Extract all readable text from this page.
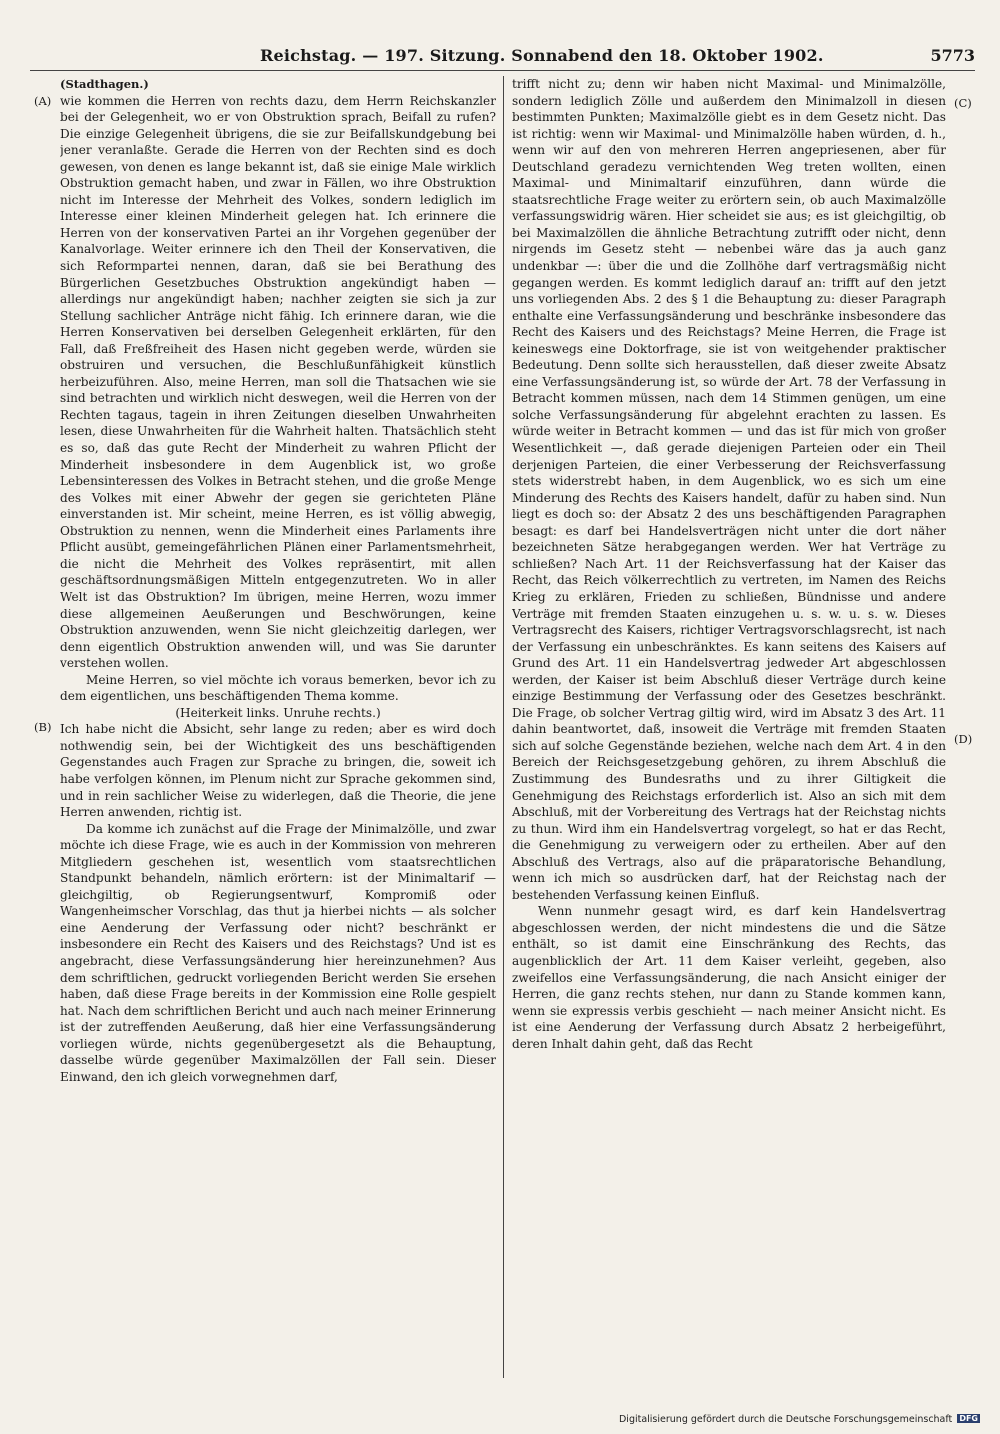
Reichstag. — 197. Sitzung. Sonnabend den 18. Oktober 1902.	5773
(A)
(B)
(C)
(D)

(Stadthagen.)

wie kommen die Herren von rechts dazu, dem Herrn Reichskanzler bei der Gelegenheit, wo er von Obstruktion sprach, Beifall zu rufen? Die einzige Gelegenheit übrigens, die sie zur Beifallskundgebung bei jener veranlaßte. Gerade die Herren von der Rechten sind es doch gewesen, von denen es lange bekannt ist, daß sie einige Male wirklich Obstruktion gemacht haben, und zwar in Fällen, wo ihre Obstruktion nicht im Interesse der Mehrheit des Volkes, sondern lediglich im Interesse einer kleinen Minderheit gelegen hat. Ich erinnere die Herren von der konservativen Partei an ihr Vorgehen gegenüber der Kanalvorlage. Weiter erinnere ich den Theil der Konservativen, die sich Reformpartei nennen, daran, daß sie bei Berathung des Bürgerlichen Gesetzbuches Obstruktion angekündigt haben — allerdings nur angekündigt haben; nachher zeigten sie sich ja zur Stellung sachlicher Anträge nicht fähig. Ich erinnere daran, wie die Herren Konservativen bei derselben Gelegenheit erklärten, für den Fall, daß Freßfreiheit des Hasen nicht gegeben werde, würden sie obstruiren und versuchen, die Beschlußunfähigkeit künstlich herbeizuführen. Also, meine Herren, man soll die Thatsachen wie sie sind betrachten und wirklich nicht deswegen, weil die Herren von der Rechten tagaus, tagein in ihren Zeitungen dieselben Unwahrheiten lesen, diese Unwahrheiten für die Wahrheit halten. Thatsächlich steht es so, daß das gute Recht der Minderheit zu wahren Pflicht der Minderheit insbesondere in dem Augenblick ist, wo große Lebensinteressen des Volkes in Betracht stehen, und die große Menge des Volkes mit einer Abwehr der gegen sie gerichteten Pläne einverstanden ist. Mir scheint, meine Herren, es ist völlig abwegig, Obstruktion zu nennen, wenn die Minderheit eines Parlaments ihre Pflicht ausübt, gemeingefährlichen Plänen einer Parlamentsmehrheit, die nicht die Mehrheit des Volkes repräsentirt, mit allen geschäftsordnungsmäßigen Mitteln entgegenzutreten. Wo in aller Welt ist das Obstruktion? Im übrigen, meine Herren, wozu immer diese allgemeinen Aeußerungen und Beschwörungen, keine Obstruktion anzuwenden, wenn Sie nicht gleichzeitig darlegen, wer denn eigentlich Obstruktion anwenden will, und was Sie darunter verstehen wollen.

Meine Herren, so viel möchte ich voraus bemerken, bevor ich zu dem eigentlichen, uns beschäftigenden Thema komme.

(Heiterkeit links. Unruhe rechts.)

Ich habe nicht die Absicht, sehr lange zu reden; aber es wird doch nothwendig sein, bei der Wichtigkeit des uns beschäftigenden Gegenstandes auch Fragen zur Sprache zu bringen, die, soweit ich habe verfolgen können, im Plenum nicht zur Sprache gekommen sind, und in rein sachlicher Weise zu widerlegen, daß die Theorie, die jene Herren anwenden, richtig ist.

Da komme ich zunächst auf die Frage der Minimalzölle, und zwar möchte ich diese Frage, wie es auch in der Kommission von mehreren Mitgliedern geschehen ist, wesentlich vom staatsrechtlichen Standpunkt behandeln, nämlich erörtern: ist der Minimaltarif — gleichgiltig, ob Regierungsentwurf, Kompromiß oder Wangenheimscher Vorschlag, das thut ja hierbei nichts — als solcher eine Aenderung der Verfassung oder nicht? beschränkt er insbesondere ein Recht des Kaisers und des Reichstags? Und ist es angebracht, diese Verfassungsänderung hier hereinzunehmen? Aus dem schriftlichen, gedruckt vorliegenden Bericht werden Sie ersehen haben, daß diese Frage bereits in der Kommission eine Rolle gespielt hat. Nach dem schriftlichen Bericht und auch nach meiner Erinnerung ist der zutreffenden Aeußerung, daß hier eine Verfassungsänderung vorliegen würde, nichts gegenübergesetzt als die Behauptung, dasselbe würde gegenüber Maximalzöllen der Fall sein. Dieser Einwand, den ich gleich vorwegnehmen darf,

trifft nicht zu; denn wir haben nicht Maximal- und Minimalzölle, sondern lediglich Zölle und außerdem den Minimalzoll in diesen bestimmten Punkten; Maximalzölle giebt es in dem Gesetz nicht. Das ist richtig: wenn wir Maximal- und Minimalzölle haben würden, d. h., wenn wir auf den von mehreren Herren angepriesenen, aber für Deutschland geradezu vernichtenden Weg treten wollten, einen Maximal- und Minimaltarif einzuführen, dann würde die staatsrechtliche Frage weiter zu erörtern sein, ob auch Maximalzölle verfassungswidrig wären. Hier scheidet sie aus; es ist gleichgiltig, ob bei Maximalzöllen die ähnliche Betrachtung zutrifft oder nicht, denn nirgends im Gesetz steht — nebenbei wäre das ja auch ganz undenkbar —: über die und die Zollhöhe darf vertragsmäßig nicht gegangen werden. Es kommt lediglich darauf an: trifft auf den jetzt uns vorliegenden Abs. 2 des § 1 die Behauptung zu: dieser Paragraph enthalte eine Verfassungsänderung und beschränke insbesondere das Recht des Kaisers und des Reichstags? Meine Herren, die Frage ist keineswegs eine Doktorfrage, sie ist von weitgehender praktischer Bedeutung. Denn sollte sich herausstellen, daß dieser zweite Absatz eine Verfassungsänderung ist, so würde der Art. 78 der Verfassung in Betracht kommen müssen, nach dem 14 Stimmen genügen, um eine solche Verfassungsänderung für abgelehnt erachten zu lassen. Es würde weiter in Betracht kommen — und das ist für mich von großer Wesentlichkeit —, daß gerade diejenigen Parteien oder ein Theil derjenigen Parteien, die einer Verbesserung der Reichsverfassung stets widerstrebt haben, in dem Augenblick, wo es sich um eine Minderung des Rechts des Kaisers handelt, dafür zu haben sind. Nun liegt es doch so: der Absatz 2 des uns beschäftigenden Paragraphen besagt: es darf bei Handelsverträgen nicht unter die dort näher bezeichneten Sätze herabgegangen werden. Wer hat Verträge zu schließen? Nach Art. 11 der Reichsverfassung hat der Kaiser das Recht, das Reich völkerrechtlich zu vertreten, im Namen des Reichs Krieg zu erklären, Frieden zu schließen, Bündnisse und andere Verträge mit fremden Staaten einzugehen u. s. w. u. s. w. Dieses Vertragsrecht des Kaisers, richtiger Vertragsvorschlagsrecht, ist nach der Verfassung ein unbeschränktes. Es kann seitens des Kaisers auf Grund des Art. 11 ein Handelsvertrag jedweder Art abgeschlossen werden, der Kaiser ist beim Abschluß dieser Verträge durch keine einzige Bestimmung der Verfassung oder des Gesetzes beschränkt. Die Frage, ob solcher Vertrag giltig wird, wird im Absatz 3 des Art. 11 dahin beantwortet, daß, insoweit die Verträge mit fremden Staaten sich auf solche Gegenstände beziehen, welche nach dem Art. 4 in den Bereich der Reichsgesetzgebung gehören, zu ihrem Abschluß die Zustimmung des Bundesraths und zu ihrer Giltigkeit die Genehmigung des Reichstags erforderlich ist. Also an sich mit dem Abschluß, mit der Vorbereitung des Vertrags hat der Reichstag nichts zu thun. Wird ihm ein Handelsvertrag vorgelegt, so hat er das Recht, die Genehmigung zu verweigern oder zu ertheilen. Aber auf den Abschluß des Vertrags, also auf die präparatorische Behandlung, wenn ich mich so ausdrücken darf, hat der Reichstag nach der bestehenden Verfassung keinen Einfluß.

Wenn nunmehr gesagt wird, es darf kein Handelsvertrag abgeschlossen werden, der nicht mindestens die und die Sätze enthält, so ist damit eine Einschränkung des Rechts, das augenblicklich der Art. 11 dem Kaiser verleiht, gegeben, also zweifellos eine Verfassungsänderung, die nach Ansicht einiger der Herren, die ganz rechts stehen, nur dann zu Stande kommen kann, wenn sie expressis verbis geschieht — nach meiner Ansicht nicht. Es ist eine Aenderung der Verfassung durch Absatz 2 herbeigeführt, deren Inhalt dahin geht, daß das Recht

Digitalisierung gefördert durch die Deutsche Forschungsgemeinschaft DFG
